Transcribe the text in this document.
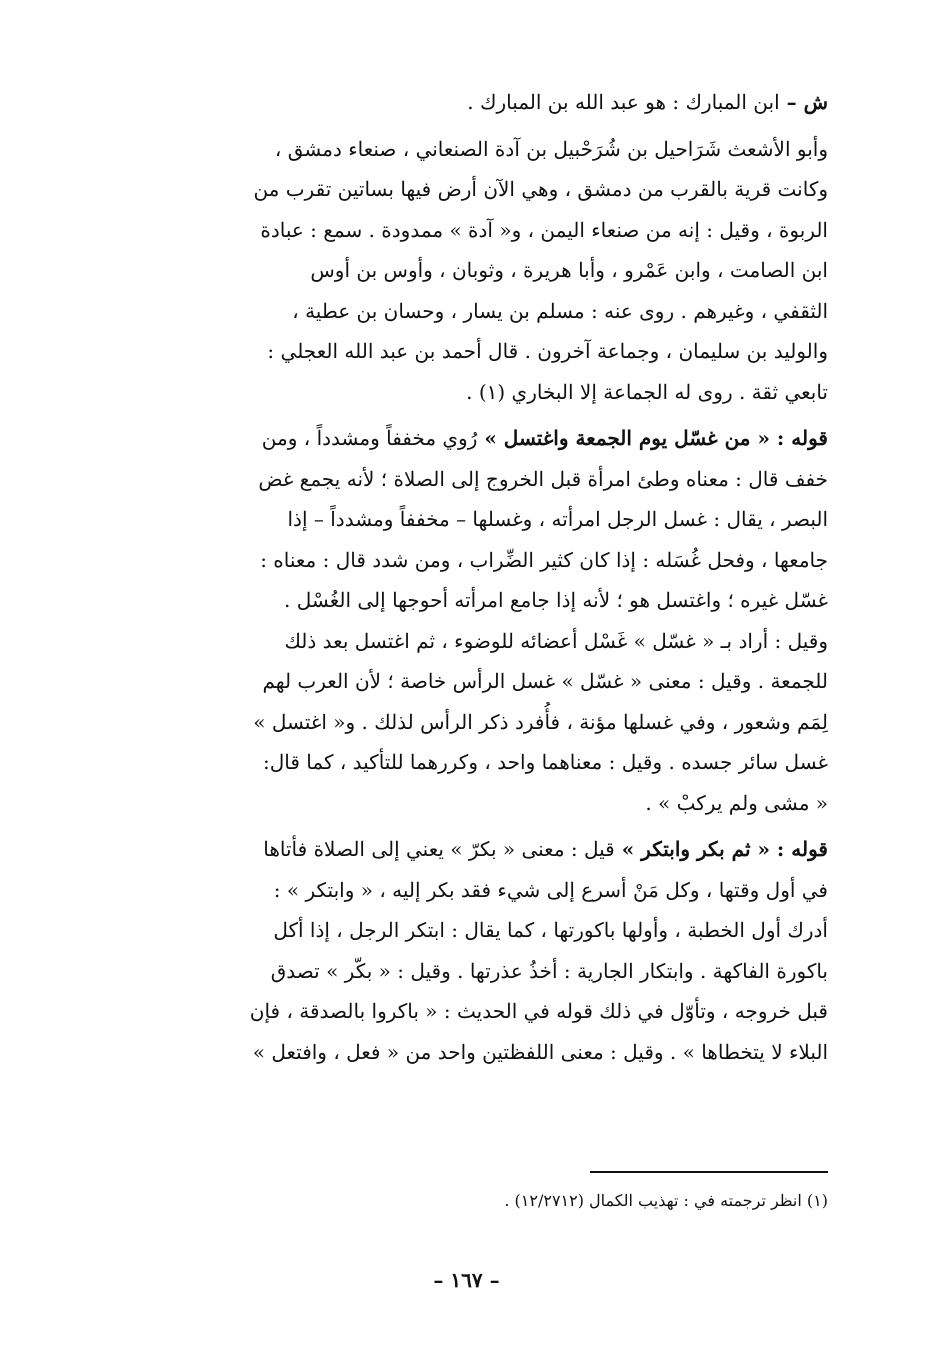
ش – ابن المبارك : هو عبد الله بن المبارك .
وأبو الأشعث شَرَاحيل بن شُرَحْبيل بن آدة الصنعاني ، صنعاء دمشق ،
وكانت قرية بالقرب من دمشق ، وهي الآن أرض فيها بساتين تقرب من
الربوة ، وقيل : إنه من صنعاء اليمن ، و« آدة » ممدودة . سمع : عبادة
ابن الصامت ، وابن عَمْرو ، وأبا هريرة ، وثوبان ، وأوس بن أوس
الثقفي ، وغيرهم . روى عنه : مسلم بن يسار ، وحسان بن عطية ،
والوليد بن سليمان ، وجماعة آخرون . قال أحمد بن عبد الله العجلي :
تابعي ثقة . روى له الجماعة إلا البخاري (١) .
قوله : « من غسّل يوم الجمعة واغتسل » رُوي مخففاً ومشدداً ، ومن
خفف قال : معناه وطئ امرأة قبل الخروج إلى الصلاة ؛ لأنه يجمع غض
البصر ، يقال : غسل الرجل امرأته ، وغسلها – مخففاً ومشدداً – إذا
جامعها ، وفحل غُسَله : إذا كان كثير الضِّراب ، ومن شدد قال : معناه :
غسّل غيره ؛ واغتسل هو ؛ لأنه إذا جامع امرأته أحوجها إلى الغُسْل .
وقيل : أراد بـ « غسّل » غَسْل أعضائه للوضوء ، ثم اغتسل بعد ذلك
للجمعة . وقيل : معنى « غسّل » غسل الرأس خاصة ؛ لأن العرب لهم
لِمَم وشعور ، وفي غسلها مؤنة ، فأُفرد ذكر الرأس لذلك . و« اغتسل »
غسل سائر جسده . وقيل : معناهما واحد ، وكررهما للتأكيد ، كما قال:
« مشى ولم يركبْ » .
قوله : « ثم بكر وابتكر » قيل : معنى « بكرّ » يعني إلى الصلاة فأتاها
في أول وقتها ، وكل مَنْ أسرع إلى شيء فقد بكر إليه ، « وابتكر » :
أدرك أول الخطبة ، وأولها باكورتها ، كما يقال : ابتكر الرجل ، إذا أكل
باكورة الفاكهة . وابتكار الجارية : أخذُ عذرتها . وقيل : « بكّر » تصدق
قبل خروجه ، وتأوّل في ذلك قوله في الحديث : « باكروا بالصدقة ، فإن
البلاء لا يتخطاها » . وقيل : معنى اللفظتين واحد من « فعل ، وافتعل »
(١) انظر ترجمته في : تهذيب الكمال (١٢/٢٧١٢) .
– ١٦٧ –
